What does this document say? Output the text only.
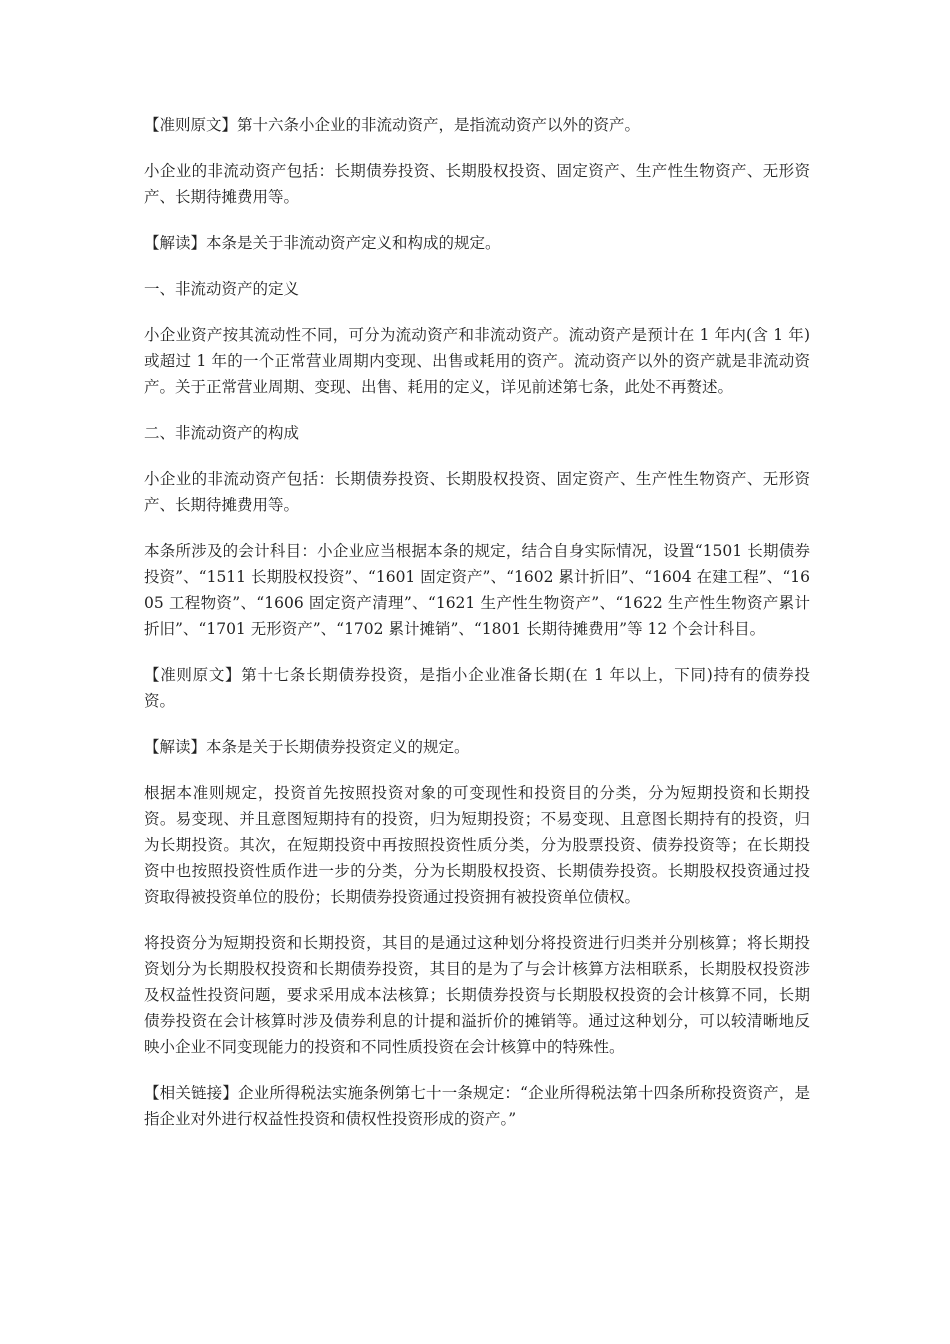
【准则原文】第十六条小企业的非流动资产，是指流动资产以外的资产。

小企业的非流动资产包括：长期债券投资、长期股权投资、固定资产、生产性生物资产、无形资产、长期待摊费用等。

【解读】本条是关于非流动资产定义和构成的规定。

一、非流动资产的定义

小企业资产按其流动性不同，可分为流动资产和非流动资产。流动资产是预计在 1 年内(含 1 年)或超过 1 年的一个正常营业周期内变现、出售或耗用的资产。流动资产以外的资产就是非流动资产。关于正常营业周期、变现、出售、耗用的定义，详见前述第七条，此处不再赘述。

二、非流动资产的构成

小企业的非流动资产包括：长期债券投资、长期股权投资、固定资产、生产性生物资产、无形资产、长期待摊费用等。

本条所涉及的会计科目：小企业应当根据本条的规定，结合自身实际情况，设置“1501 长期债券投资”、“1511 长期股权投资”、“1601 固定资产”、“1602 累计折旧”、“1604 在建工程”、“1605 工程物资”、“1606 固定资产清理”、“1621 生产性生物资产”、“1622 生产性生物资产累计折旧”、“1701 无形资产”、“1702 累计摊销”、“1801 长期待摊费用”等 12 个会计科目。

【准则原文】第十七条长期债券投资，是指小企业准备长期(在 1 年以上，下同)持有的债券投资。

【解读】本条是关于长期债券投资定义的规定。

根据本准则规定，投资首先按照投资对象的可变现性和投资目的分类，分为短期投资和长期投资。易变现、并且意图短期持有的投资，归为短期投资；不易变现、且意图长期持有的投资，归为长期投资。其次，在短期投资中再按照投资性质分类，分为股票投资、债券投资等；在长期投资中也按照投资性质作进一步的分类，分为长期股权投资、长期债券投资。长期股权投资通过投资取得被投资单位的股份；长期债券投资通过投资拥有被投资单位债权。

将投资分为短期投资和长期投资，其目的是通过这种划分将投资进行归类并分别核算；将长期投资划分为长期股权投资和长期债券投资，其目的是为了与会计核算方法相联系，长期股权投资涉及权益性投资问题，要求采用成本法核算；长期债券投资与长期股权投资的会计核算不同，长期债券投资在会计核算时涉及债券利息的计提和溢折价的摊销等。通过这种划分，可以较清晰地反映小企业不同变现能力的投资和不同性质投资在会计核算中的特殊性。

【相关链接】企业所得税法实施条例第七十一条规定：“企业所得税法第十四条所称投资资产，是指企业对外进行权益性投资和债权性投资形成的资产。”
